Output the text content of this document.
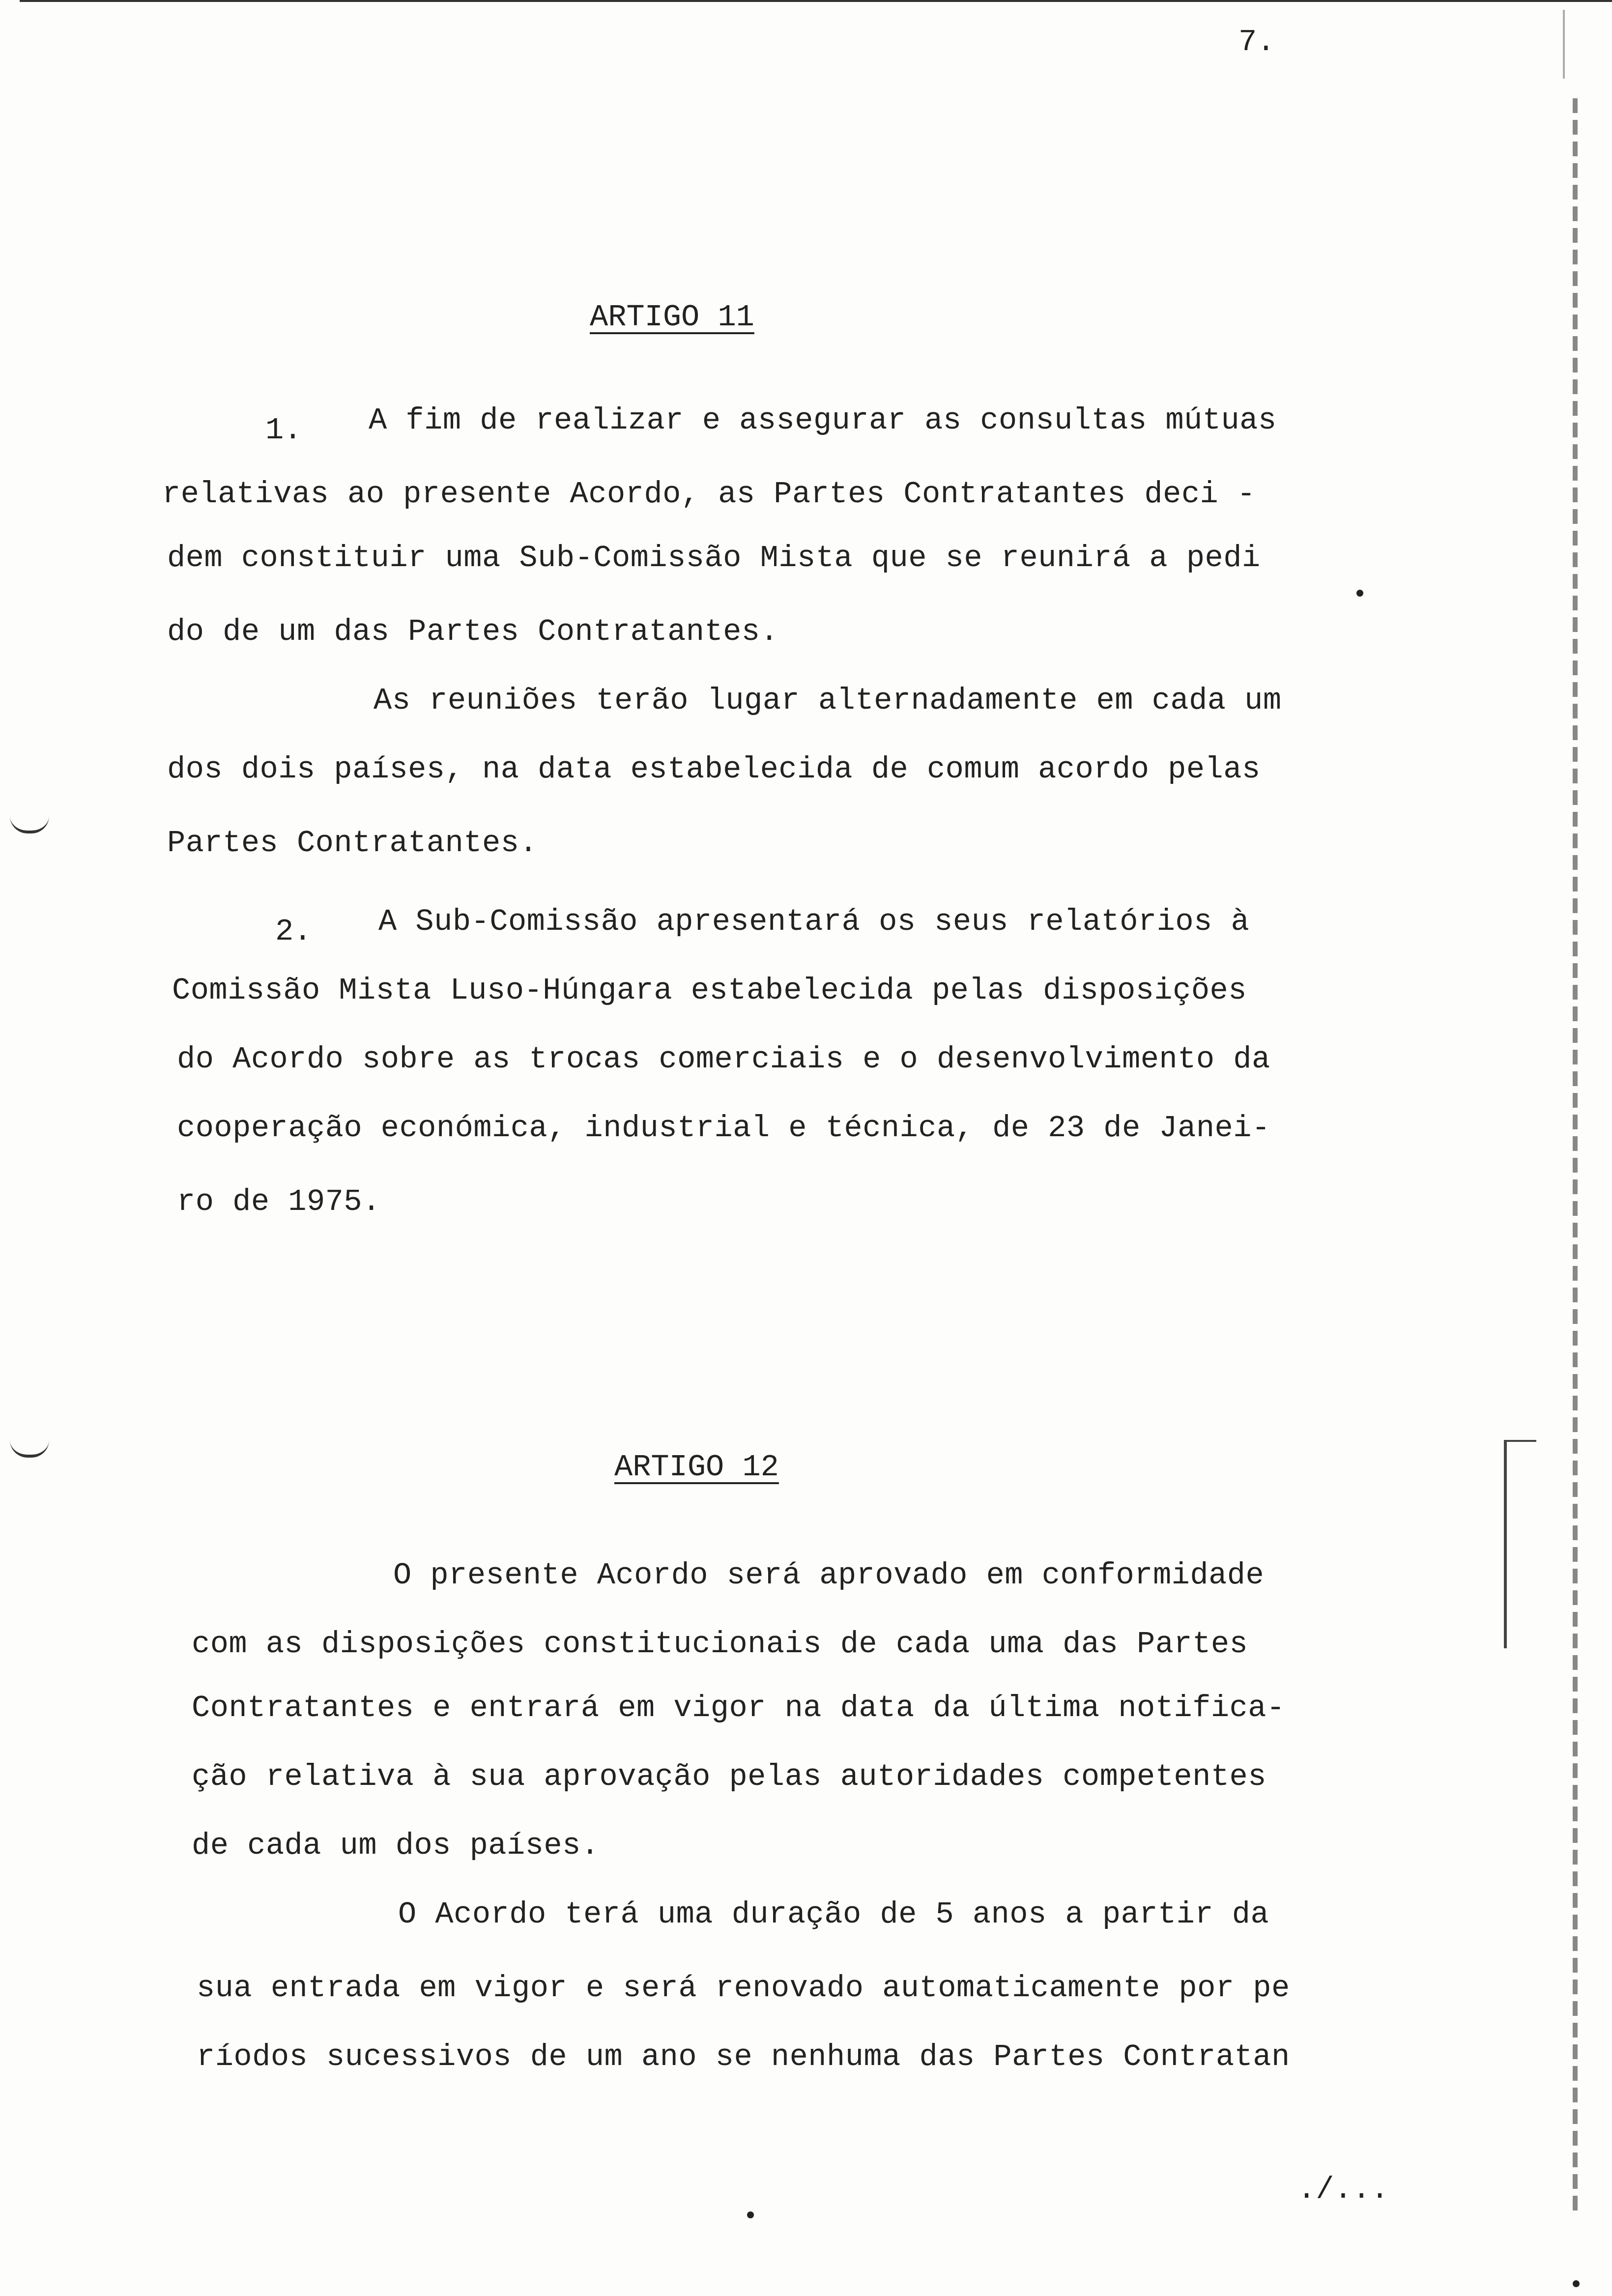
7.
ARTIGO 11
1. A fim de realizar e assegurar as consultas mútuas
relativas ao presente Acordo, as Partes Contratantes deci -
dem constituir uma Sub-Comissão Mista que se reunirá a pedi
do de um das Partes Contratantes.
As reuniões terão lugar alternadamente em cada um
dos dois países, na data estabelecida de comum acordo pelas
Partes Contratantes.
2. A Sub-Comissão apresentará os seus relatórios à
Comissão Mista Luso-Húngara estabelecida pelas disposições
do Acordo sobre as trocas comerciais e o desenvolvimento da
cooperação económica, industrial e técnica, de 23 de Janei-
ro de 1975.
ARTIGO 12
O presente Acordo será aprovado em conformidade
com as disposições constitucionais de cada uma das Partes
Contratantes e entrará em vigor na data da última notifica-
ção relativa à sua aprovação pelas autoridades competentes
de cada um dos países.
O Acordo terá uma duração de 5 anos a partir da
sua entrada em vigor e será renovado automaticamente por pe
ríodos sucessivos de um ano se nenhuma das Partes Contratan
./...
